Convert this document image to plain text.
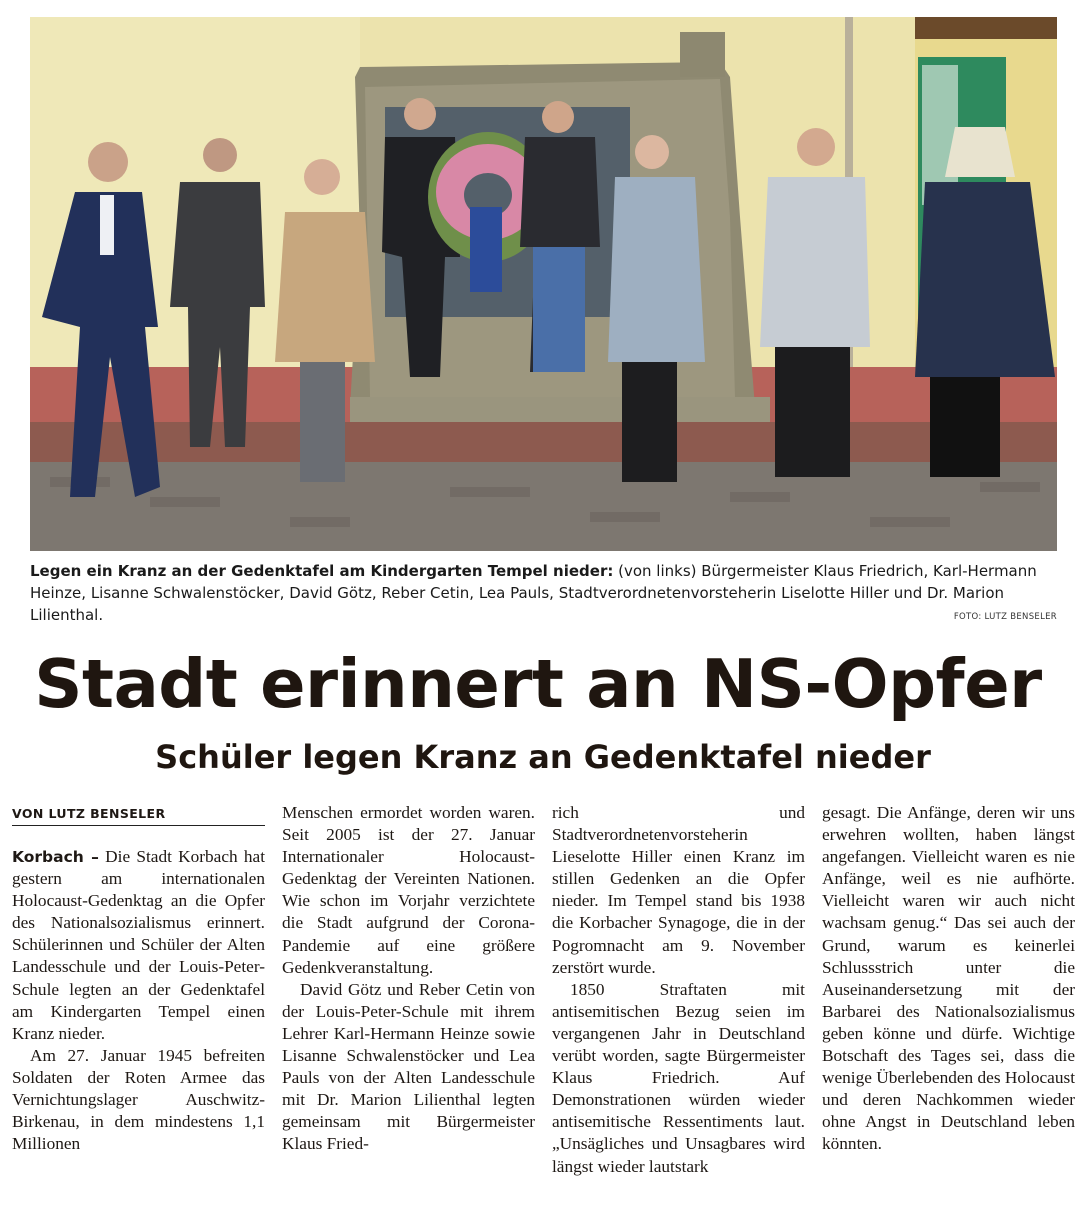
Legen ein Kranz an der Gedenktafel am Kindergarten Tempel nieder: (von links) Bürgermeister Klaus Friedrich, Karl-Hermann Heinze, Lisanne Schwalenstöcker, David Götz, Reber Cetin, Lea Pauls, Stadtverordnetenvorsteherin Liselotte Hiller und Dr. Marion Lilienthal.	FOTO: LUTZ BENSELER
Stadt erinnert an NS-Opfer
Schüler legen Kranz an Gedenktafel nieder
VON LUTZ BENSELER

Korbach – Die Stadt Korbach hat gestern am internationalen Holocaust-Gedenktag an die Opfer des Nationalsozialismus erinnert. Schülerinnen und Schüler der Alten Landesschule und der Louis-Peter-Schule legten an der Gedenktafel am Kindergarten Tempel einen Kranz nieder.

Am 27. Januar 1945 befreiten Soldaten der Roten Armee das Vernichtungslager Auschwitz-Birkenau, in dem mindestens 1,1 Millionen

Menschen ermordet worden waren. Seit 2005 ist der 27. Januar Internationaler Holocaust-Gedenktag der Vereinten Nationen. Wie schon im Vorjahr verzichtete die Stadt aufgrund der Corona-Pandemie auf eine größere Gedenkveranstaltung.

David Götz und Reber Cetin von der Louis-Peter-Schule mit ihrem Lehrer Karl-Hermann Heinze sowie Lisanne Schwalenstöcker und Lea Pauls von der Alten Landesschule mit Dr. Marion Lilienthal legten gemeinsam mit Bürgermeister Klaus Fried-

rich und Stadtverordnetenvorsteherin Lieselotte Hiller einen Kranz im stillen Gedenken an die Opfer nieder. Im Tempel stand bis 1938 die Korbacher Synagoge, die in der Pogromnacht am 9. November zerstört wurde.

1850 Straftaten mit antisemitischen Bezug seien im vergangenen Jahr in Deutschland verübt worden, sagte Bürgermeister Klaus Friedrich. Auf Demonstrationen würden wieder antisemitische Ressentiments laut. „Unsägliches und Unsagbares wird längst wieder lautstark

gesagt. Die Anfänge, deren wir uns erwehren wollten, haben längst angefangen. Vielleicht waren es nie Anfänge, weil es nie aufhörte. Vielleicht waren wir auch nicht wachsam genug.“ Das sei auch der Grund, warum es keinerlei Schlussstrich unter die Auseinandersetzung mit der Barbarei des Nationalsozialismus geben könne und dürfe. Wichtige Botschaft des Tages sei, dass die wenige Überlebenden des Holocaust und deren Nachkommen wieder ohne Angst in Deutschland leben könnten.
